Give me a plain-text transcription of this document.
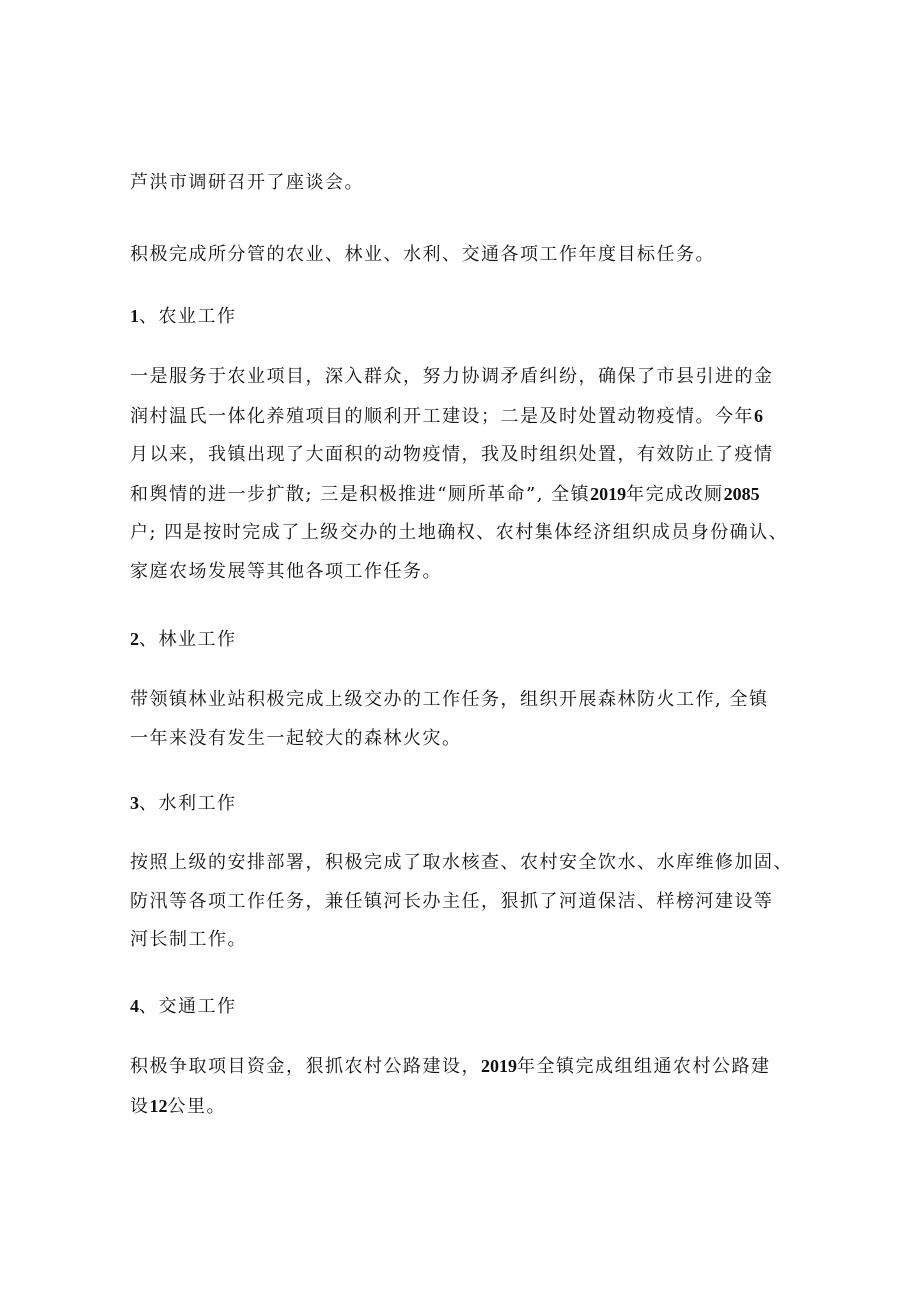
芦洪市调研召开了座谈会。

积极完成所分管的农业、林业、水利、交通各项工作年度目标任务。

1、农业工作

一是服务于农业项目，深入群众，努力协调矛盾纠纷，确保了市县引进的金
润村温氏一体化养殖项目的顺利开工建设；二是及时处置动物疫情。今年6
月以来，我镇出现了大面积的动物疫情，我及时组织处置，有效防止了疫情
和舆情的进一步扩散; 三是积极推进“厕所革命”, 全镇2019年完成改厕2085
户; 四是按时完成了上级交办的土地确权、农村集体经济组织成员身份确认、
家庭农场发展等其他各项工作任务。

2、林业工作

带领镇林业站积极完成上级交办的工作任务，组织开展森林防火工作, 全镇
一年来没有发生一起较大的森林火灾。

3、水利工作

按照上级的安排部署，积极完成了取水核查、农村安全饮水、水库维修加固、
防汛等各项工作任务，兼任镇河长办主任，狠抓了河道保洁、样榜河建设等
河长制工作。

4、交通工作

积极争取项目资金，狠抓农村公路建设，2019年全镇完成组组通农村公路建
设12公里。
